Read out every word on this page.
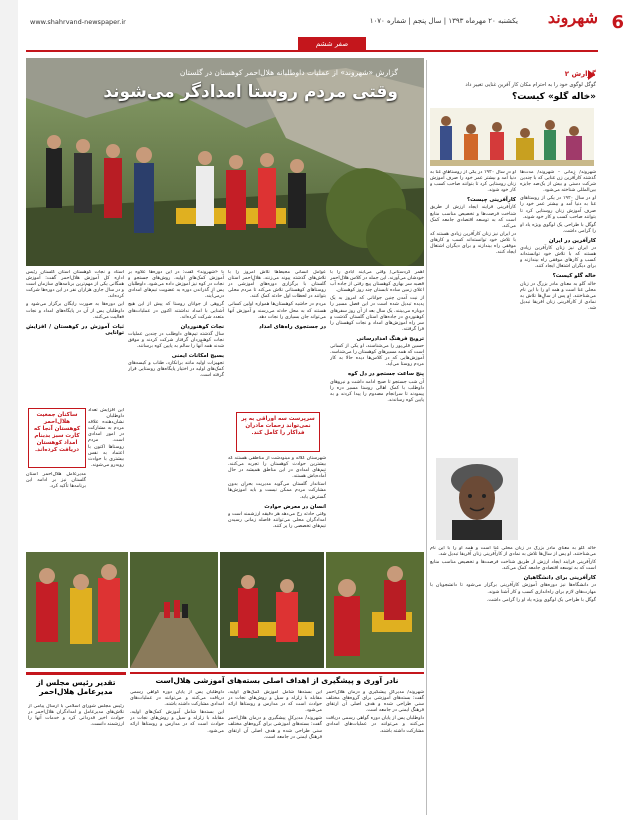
6
شهروند
یکشنبه ۲۰ مهرماه ۱۳۹۳ | سال پنجم | شماره ۱۰۷۰
www.shahrvand-newspaper.ir
صفر ششم
گزارش «شهروند» از عملیات داوطلبانه هلال‌احمر کوهستان در گلستان
وقتی مردم روستا امدادگر می‌شوند

اهمر کردستانی/ وقتی می‌آیند آبادی را با خودشان می‌آورند. این جمله در کلاس هلال‌احمر قصبه سر بهاری کوهستان پیچ رفتی از جاده آب اعلای زمین ساده تابستان چند روز کوهستان.

از نیت آمدن چنین جوانانی که امروز به یک پدیده تبدیل شده است در این فصل مسیر را دوباره می‌بینند. یک سال بعد از آن روز سفرهای کوهنوردی در جاده‌های استان گلستان گذشت و سر راه آموزش‌های امداد و نجات کوهستان را فرا گرفتند.

ترویج فرهنگ امدادرسانی

حسین قلی‌پور را می‌شناسند، او یکی از کسانی است که همه مسیرهای کوهستان را می‌شناسد. آموزش‌هایی که در کلاس‌ها دیده حالا به کار مردم روستا می‌آید.

پنج ساعت جستجو در دل کوه

آن شب جستجو تا صبح ادامه داشت و نیروهای داوطلب با کمک اهالی روستا مسیر دره را پیمودند تا سرانجام مصدوم را پیدا کردند و به پایین کوه رساندند.

عوامل انسانی محیط‌ها تلاش امروز را با تلاش‌های گذشته پیوند می‌زنند. هلال‌احمر استان گلستان با برگزاری دوره‌های آموزشی در روستاهای کوهستانی تلاش می‌کند تا مردم محلی بتوانند در لحظات اول حادثه کمک کنند.

مردم در حاشیه کوهستان‌ها همواره اولین کسانی هستند که به محل حادثه می‌رسند و آموزش آنها می‌تواند جان بسیاری را نجات دهد.

در جستجوی راه‌های امداد
سرپرست سه اوراقی به پر نمی‌تواند زحمات مادران فداکار را کامل کند.

شهرستان کلاله و مینودشت از مناطقی هستند که بیشترین حوادث کوهستان را تجربه می‌کنند. تیم‌های امدادی در این مناطق همیشه در حال آماده‌باش هستند.

استاندار گلستان می‌گوید مدیریت بحران بدون مشارکت مردم ممکن نیست و باید آموزش‌ها گسترش یابد.

انسان در معرض حوادث

وقتی حادثه رخ می‌دهد هر دقیقه ارزشمند است و امدادگران محلی می‌توانند فاصله زمانی رسیدن تیم‌های تخصصی را پر کنند.

با «شهروند» گفت: در این دوره‌ها علاوه بر آموزش کمک‌های اولیه، روش‌های جستجو و نجات در کوه نیز آموزش داده می‌شود. داوطلبان پس از گذراندن دوره به عضویت تیم‌های امدادی درمی‌آیند.

گروهی از جوانان روستا که پیش از این هیچ آشنایی با امداد نداشتند اکنون در عملیات‌های متعدد شرکت کرده‌اند.

نجات کوهنوردان

سال گذشته تیم‌های داوطلب در چندین عملیات نجات کوهنوردان گرفتار شرکت کردند و موفق شدند همه آنها را سالم به پایین کوه برسانند.

بسیج امکانات ایمنی

تجهیزات اولیه مانند برانکارد، طناب و کیسه‌های کمک‌های اولیه در اختیار پایگاه‌های روستایی قرار گرفته است.

استاد و نجات کوهستان استان گلستان رئیس اداره کل آموزش هلال‌احمر گفت: آموزش همگانی یکی از مهم‌ترین برنامه‌های سازمان است و در سال جاری هزاران نفر در این دوره‌ها شرکت کرده‌اند.

این دوره‌ها به صورت رایگان برگزار می‌شود و داوطلبان پس از آن در پایگاه‌های امداد و نجات فعالیت می‌کنند.

ثبات آموزش در کوهستان / افزایش توانایی
ساکنان جمعیت هلال‌احمر کوهستان آنجا که کارت سبز بدبنام امداد کوهستان دریافت کرده‌اند.

این افزایش تعداد داوطلبان نشان‌دهنده علاقه مردم به مشارکت در امور امدادی است. مردم روستاها اکنون با اعتماد به نفس بیشتری با حوادث روبه‌رو می‌شوند.

مدیرعامل هلال‌احمر استان گلستان نیز بر ادامه این برنامه‌ها تأکید کرد.

گزارش ۲
گوگل لوگوی خود را به احترام مکان کار آفرین غنایی تغییر داد
«خاله گلو» کیست؟

شهروند/ زمانی - شهروند/ مدت‌ها گذشته کارآفرین زن غنایی که با چندین شرکت دستی و بیش از یک‌صد جایزه بین‌المللی شناخته می‌شود.

او در سال ۱۹۲۰ در یکی از روستاهای غنا به دنیا آمد و بیشتر عمر خود را صرف آموزش زنان روستایی کرد تا بتوانند صاحب کسب و کار خود شوند.

گوگل با طراحی یک لوگوی ویژه یاد او را گرامی داشت.

کارآفرین در ایران

در ایران نیز زنان کارآفرین زیادی هستند که با تلاش خود توانسته‌اند کسب و کارهای موفقی راه بیندازند و برای دیگران اشتغال ایجاد کنند.

خاله گلو کیست؟

خاله گلو به معنای مادر بزرگ در زبان محلی غنا است و همه او را با این نام می‌شناختند. او پس از سال‌ها تلاش به نمادی از کارآفرینی زنان آفریقا تبدیل شد.

او در سال ۱۹۲۰ در یکی از روستاهای غنا به دنیا آمد و بیشتر عمر خود را صرف آموزش زنان روستایی کرد تا بتوانند صاحب کسب و کار خود شوند.

کارآفرینی چیست؟

کارآفرینی فرایند ایجاد ارزش از طریق شناخت فرصت‌ها و تخصیص مناسب منابع است که به توسعه اقتصادی جامعه کمک می‌کند.

در ایران نیز زنان کارآفرین زیادی هستند که با تلاش خود توانسته‌اند کسب و کارهای موفقی راه بیندازند و برای دیگران اشتغال ایجاد کنند.

خاله گلو به معنای مادر بزرگ در زبان محلی غنا است و همه او را با این نام می‌شناختند. او پس از سال‌ها تلاش به نمادی از کارآفرینی زنان آفریقا تبدیل شد.

کارآفرینی فرایند ایجاد ارزش از طریق شناخت فرصت‌ها و تخصیص مناسب منابع است که به توسعه اقتصادی جامعه کمک می‌کند.

کارآفرینی برای دانشگاهیان

در دانشگاه‌ها نیز دوره‌های آموزش کارآفرینی برگزار می‌شود تا دانشجویان با مهارت‌های لازم برای راه‌اندازی کسب و کار آشنا شوند.

گوگل با طراحی یک لوگوی ویژه یاد او را گرامی داشت.

نادر آوری و پیشگیری از اهداف اصلی بسته‌های آموزشی هلال‌است

شهروند/ مدیرکل پیشگیری و درمان هلال‌احمر گفت: بسته‌های آموزشی برای گروه‌های مختلف سنی طراحی شده و هدف اصلی آن ارتقای فرهنگ ایمنی در جامعه است.

داوطلبان پس از پایان دوره گواهی رسمی دریافت می‌کنند و می‌توانند در عملیات‌های امدادی مشارکت داشته باشند.

این بسته‌ها شامل آموزش کمک‌های اولیه، مقابله با زلزله و سیل و روش‌های نجات در حوادث است که در مدارس و روستاها ارائه می‌شود.

شهروند/ مدیرکل پیشگیری و درمان هلال‌احمر گفت: بسته‌های آموزشی برای گروه‌های مختلف سنی طراحی شده و هدف اصلی آن ارتقای فرهنگ ایمنی در جامعه است.

داوطلبان پس از پایان دوره گواهی رسمی دریافت می‌کنند و می‌توانند در عملیات‌های امدادی مشارکت داشته باشند.

این بسته‌ها شامل آموزش کمک‌های اولیه، مقابله با زلزله و سیل و روش‌های نجات در حوادث است که در مدارس و روستاها ارائه می‌شود.

تقدیر رئیس مجلس از مدیرعامل هلال‌احمر

رئیس مجلس شورای اسلامی با ارسال پیامی از تلاش‌های مدیرعامل و امدادگران هلال‌احمر در حوادث اخیر قدردانی کرد و خدمات آنها را ارزشمند دانست.
